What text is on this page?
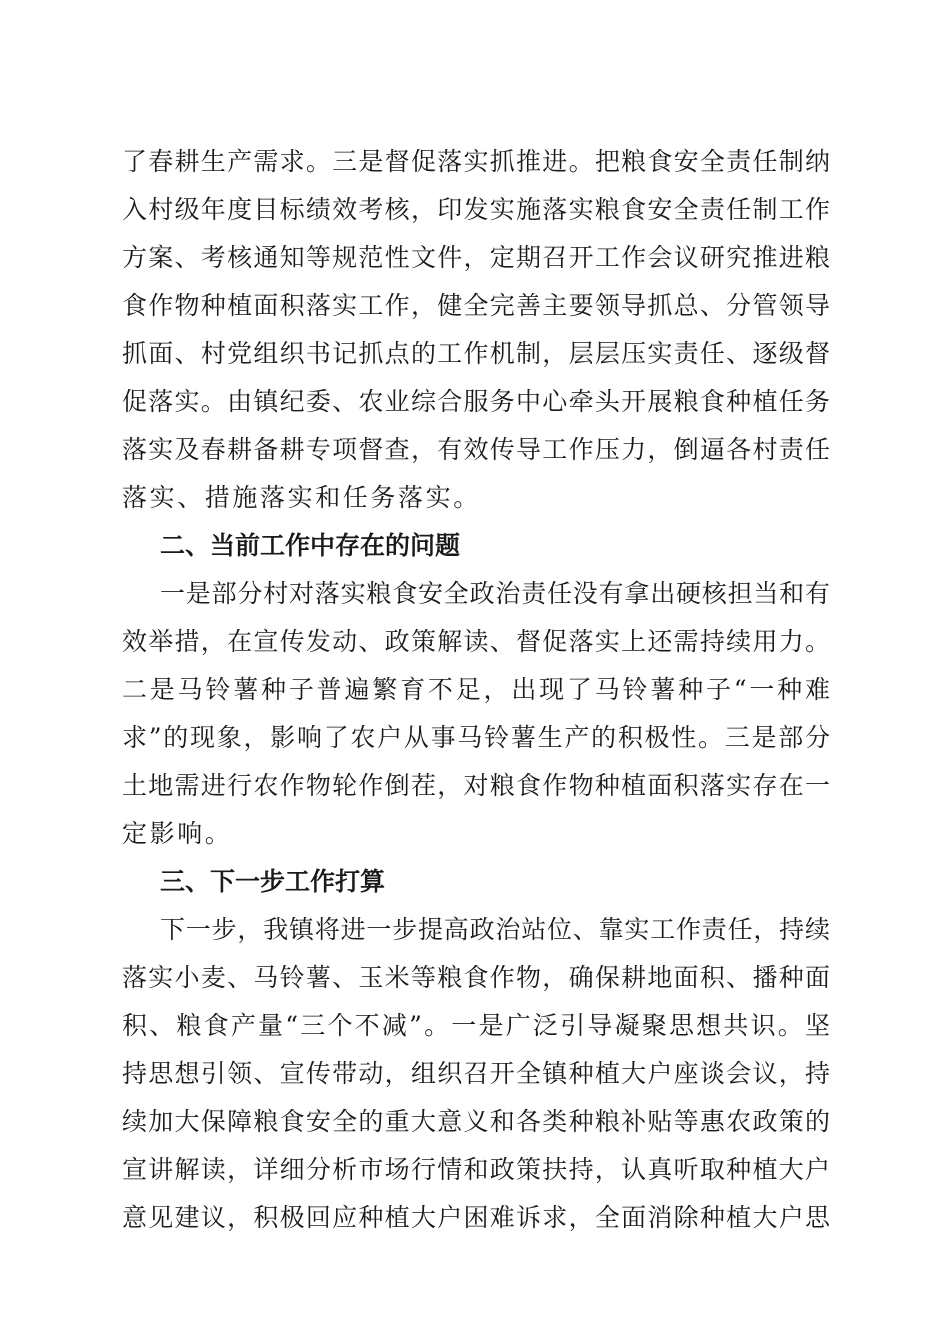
了春耕生产需求。三是督促落实抓推进。把粮食安全责任制纳
入村级年度目标绩效考核，印发实施落实粮食安全责任制工作
方案、考核通知等规范性文件，定期召开工作会议研究推进粮
食作物种植面积落实工作，健全完善主要领导抓总、分管领导
抓面、村党组织书记抓点的工作机制，层层压实责任、逐级督
促落实。由镇纪委、农业综合服务中心牵头开展粮食种植任务
落实及春耕备耕专项督查，有效传导工作压力，倒逼各村责任
落实、措施落实和任务落实。
二、当前工作中存在的问题
一是部分村对落实粮食安全政治责任没有拿出硬核担当和有
效举措，在宣传发动、政策解读、督促落实上还需持续用力。
二是马铃薯种子普遍繁育不足，出现了马铃薯种子“一种难
求”的现象，影响了农户从事马铃薯生产的积极性。三是部分
土地需进行农作物轮作倒茬，对粮食作物种植面积落实存在一
定影响。
三、下一步工作打算
下一步，我镇将进一步提高政治站位、靠实工作责任，持续
落实小麦、马铃薯、玉米等粮食作物，确保耕地面积、播种面
积、粮食产量“三个不减”。一是广泛引导凝聚思想共识。坚
持思想引领、宣传带动，组织召开全镇种植大户座谈会议，持
续加大保障粮食安全的重大意义和各类种粮补贴等惠农政策的
宣讲解读，详细分析市场行情和政策扶持，认真听取种植大户
意见建议，积极回应种植大户困难诉求，全面消除种植大户思
